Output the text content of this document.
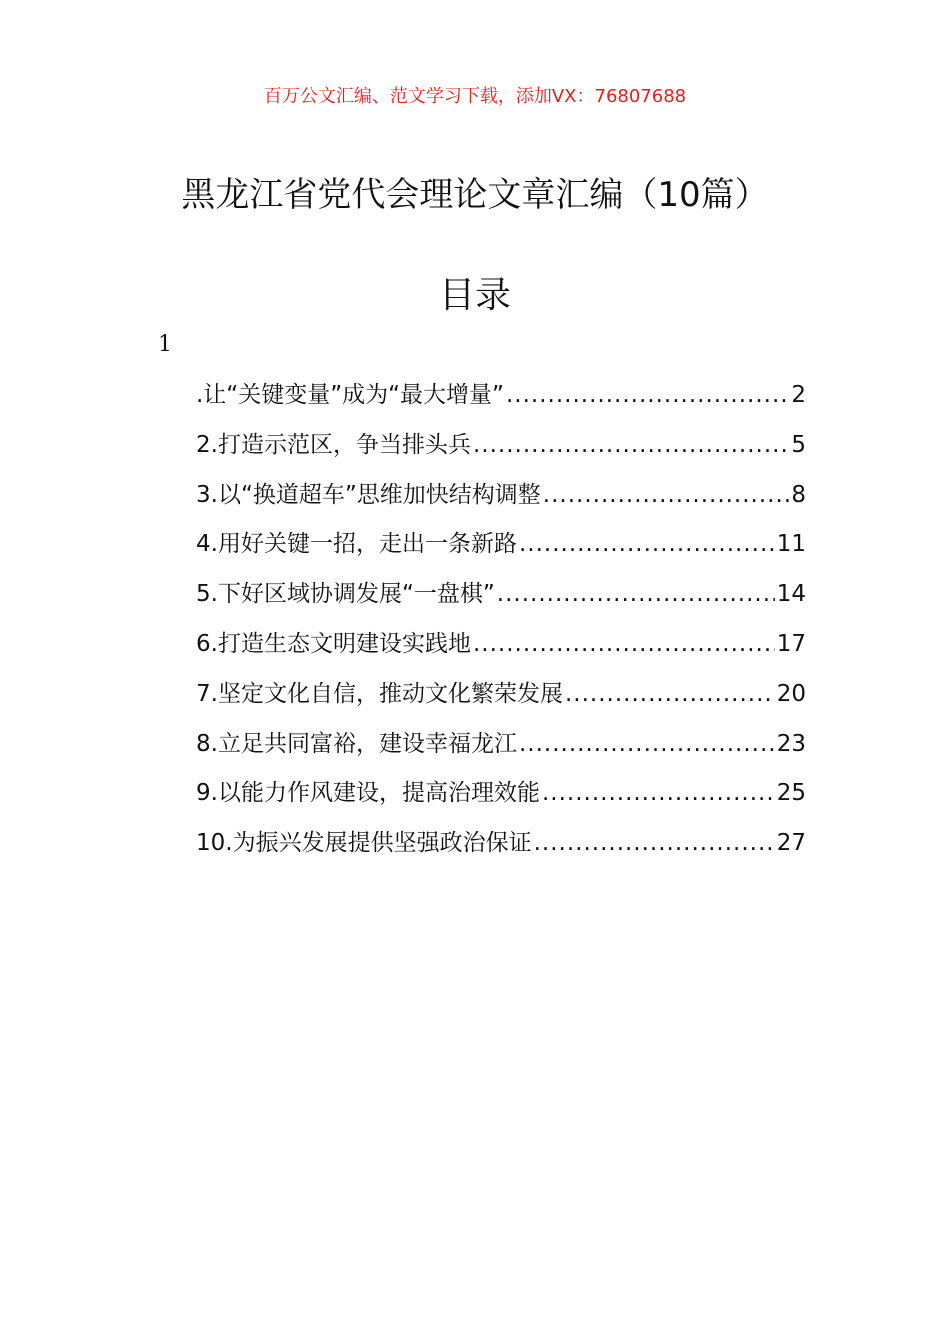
百万公文汇编、范文学习下载，添加VX：76807688
黑龙江省党代会理论文章汇编（10篇）
目录
1
.让“关键变量”成为“最大增量” .....	2
2.打造示范区，争当排头兵 .....	5
3.以“换道超车”思维加快结构调整 .....	8
4.用好关键一招，走出一条新路 .....	11
5.下好区域协调发展“一盘棋” .....	14
6.打造生态文明建设实践地 .....	17
7.坚定文化自信，推动文化繁荣发展 .....	20
8.立足共同富裕，建设幸福龙江 .....	23
9.以能力作风建设，提高治理效能 .....	25
10.为振兴发展提供坚强政治保证 .....	27
